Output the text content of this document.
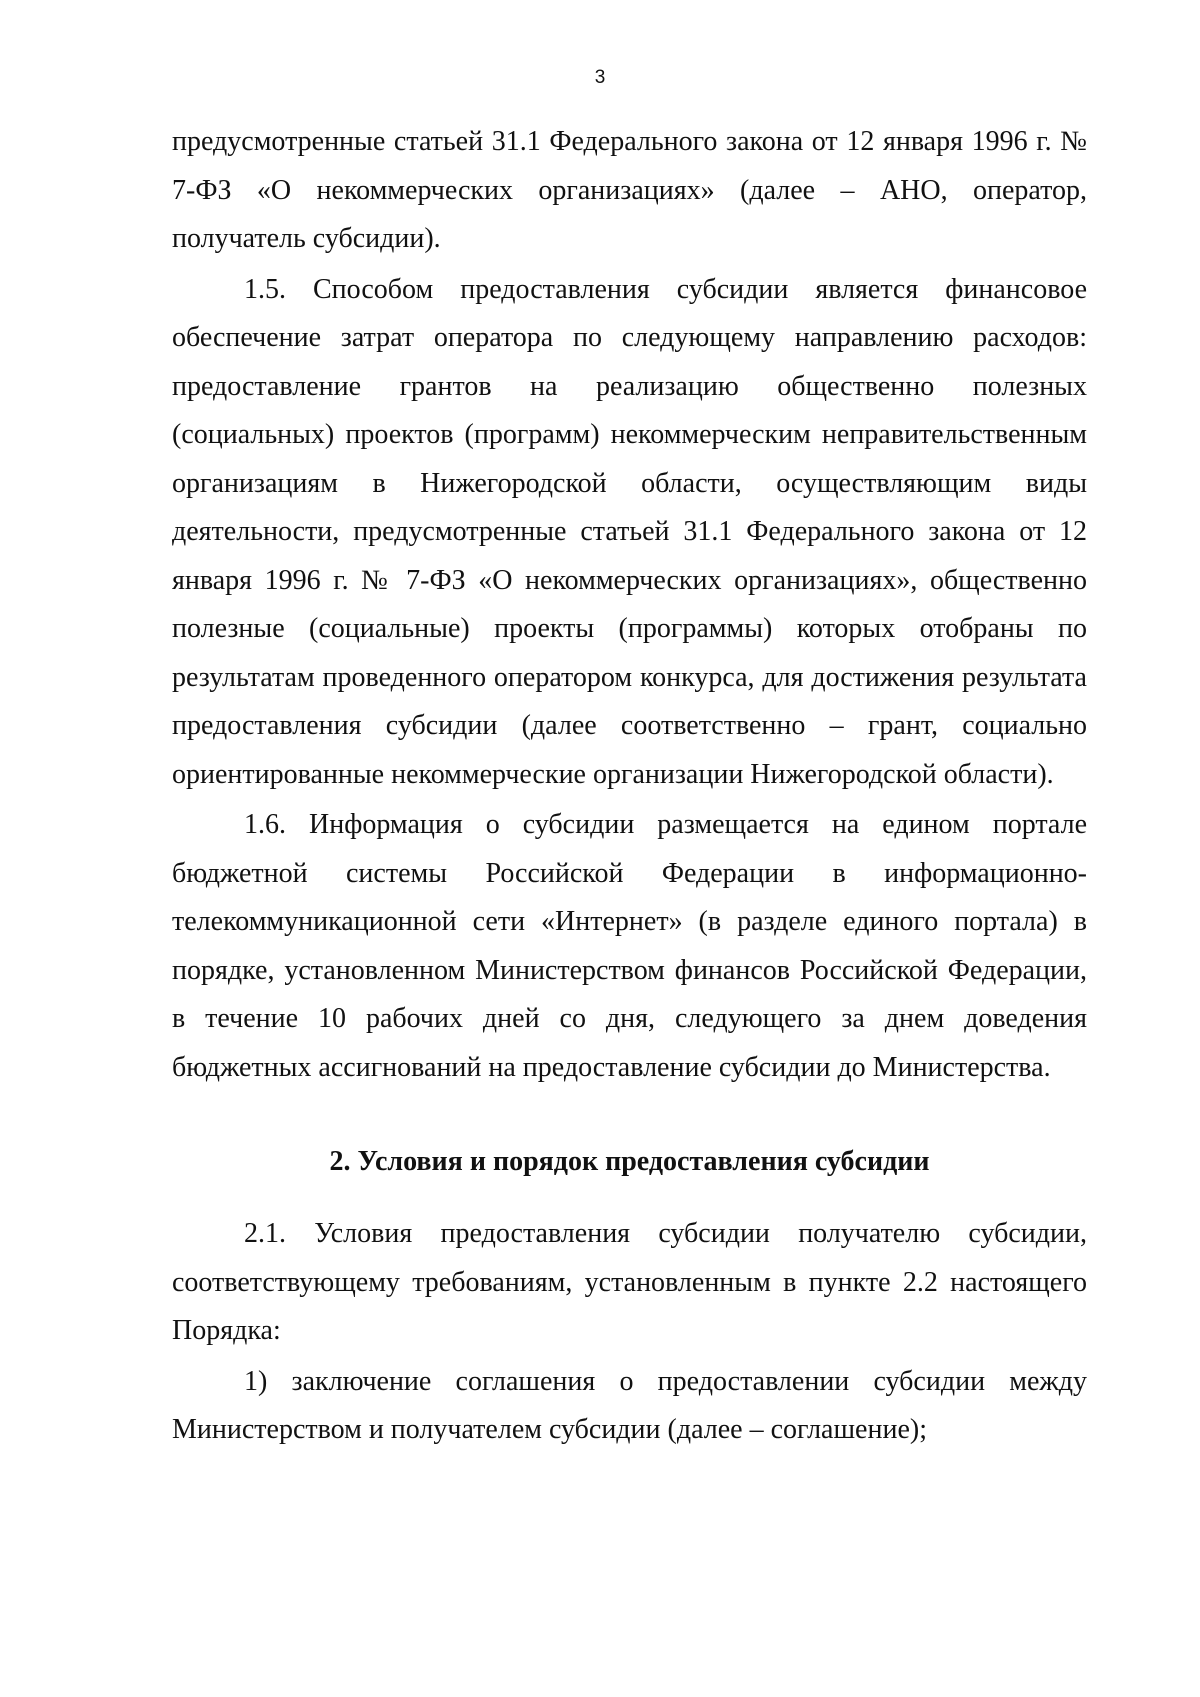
3

предусмотренные статьей 31.1 Федерального закона от 12 января 1996 г. № 7-ФЗ «О некоммерческих организациях» (далее – АНО, оператор, получатель субсидии).

1.5. Способом предоставления субсидии является финансовое обеспечение затрат оператора по следующему направлению расходов: предоставление грантов на реализацию общественно полезных (социальных) проектов (программ) некоммерческим неправительственным организациям в Нижегородской области, осуществляющим виды деятельности, предусмотренные статьей 31.1 Федерального закона от 12 января 1996 г. № 7-ФЗ «О некоммерческих организациях», общественно полезные (социальные) проекты (программы) которых отобраны по результатам проведенного оператором конкурса, для достижения результата предоставления субсидии (далее соответственно – грант, социально ориентированные некоммерческие организации Нижегородской области).

1.6. Информация о субсидии размещается на едином портале бюджетной системы Российской Федерации в информационно-телекоммуникационной сети «Интернет» (в разделе единого портала) в порядке, установленном Министерством финансов Российской Федерации, в течение 10 рабочих дней со дня, следующего за днем доведения бюджетных ассигнований на предоставление субсидии до Министерства.

2. Условия и порядок предоставления субсидии

2.1. Условия предоставления субсидии получателю субсидии, соответствующему требованиям, установленным в пункте 2.2 настоящего Порядка:

1) заключение соглашения о предоставлении субсидии между Министерством и получателем субсидии (далее – соглашение);
